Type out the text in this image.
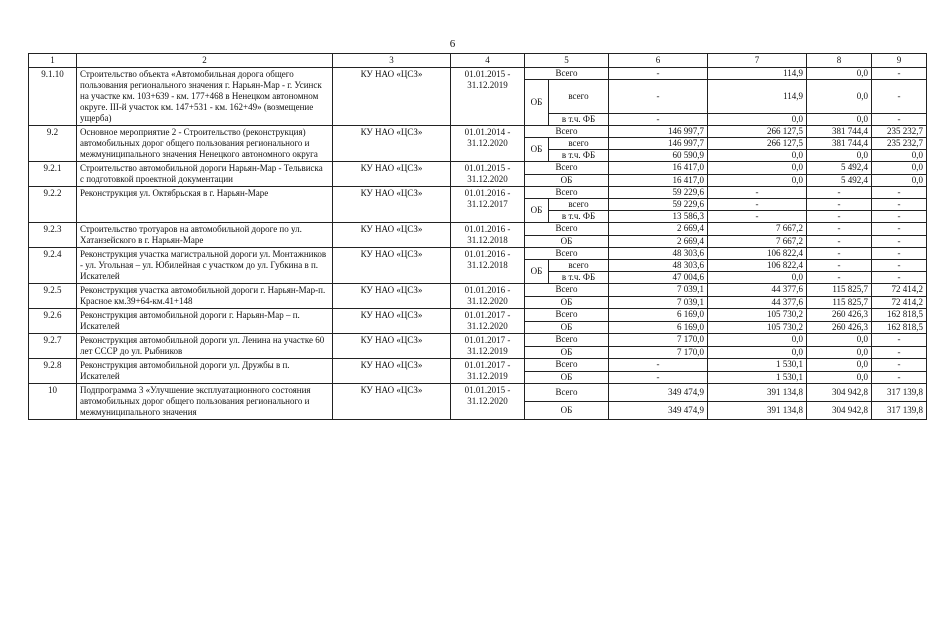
6
1	2	3	4	5		6	7	8	9
9.1.10	Строительство объекта «Автомобильная дорога общего пользования регионального значения г. Нарьян-Мар - г. Усинск на участке км. 103+639 - км. 177+468 в Ненецком автономном округе. III-й участок км. 147+531 - км. 162+49» (возмещение ущерба)	КУ НАО «ЦСЗ»	01.01.2015 - 31.12.2019	Всего		-	114,9	0,0	-
				ОБ	всего	-	114,9	0,0	-
					в т.ч. ФБ	-	0,0	0,0	-
9.2	Основное мероприятие 2 - Строительство (реконструкция) автомобильных дорог общего пользования регионального и межмуниципального значения Ненецкого автономного округа	КУ НАО «ЦСЗ»	01.01.2014 - 31.12.2020	Всего		146 997,7	266 127,5	381 744,4	235 232,7
				ОБ	всего	146 997,7	266 127,5	381 744,4	235 232,7
					в т.ч. ФБ	60 590,9	0,0	0,0	0,0
9.2.1	Строительство автомобильной дороги Нарьян-Мар - Тельвиска с подготовкой проектной документации	КУ НАО «ЦСЗ»	01.01.2015 - 31.12.2020	Всего		16 417,0	0,0	5 492,4	0,0
				ОБ		16 417,0	0,0	5 492,4	0,0
9.2.2	Реконструкция ул. Октябрьская в г. Нарьян-Маре	КУ НАО «ЦСЗ»	01.01.2016 - 31.12.2017	Всего		59 229,6	-	-	-
				ОБ	всего	59 229,6	-	-	-
					в т.ч. ФБ	13 586,3	-	-	-
9.2.3	Строительство тротуаров на автомобильной дороге по ул. Хатанзейского в г. Нарьян-Маре	КУ НАО «ЦСЗ»	01.01.2016 - 31.12.2018	Всего		2 669,4	7 667,2	-	-
				ОБ		2 669,4	7 667,2	-	-
9.2.4	Реконструкция участка магистральной дороги ул. Монтажников - ул. Угольная – ул. Юбилейная с участком до ул. Губкина в п. Искателей	КУ НАО «ЦСЗ»	01.01.2016 - 31.12.2018	Всего		48 303,6	106 822,4	-	-
				ОБ	всего	48 303,6	106 822,4	-	-
					в т.ч. ФБ	47 004,6	0,0	-	-
9.2.5	Реконструкция участка автомобильной дороги г. Нарьян-Мар-п. Красное км.39+64-км.41+148	КУ НАО «ЦСЗ»	01.01.2016 - 31.12.2020	Всего		7 039,1	44 377,6	115 825,7	72 414,2
				ОБ		7 039,1	44 377,6	115 825,7	72 414,2
9.2.6	Реконструкция автомобильной дороги г. Нарьян-Мар – п. Искателей	КУ НАО «ЦСЗ»	01.01.2017 - 31.12.2020	Всего		6 169,0	105 730,2	260 426,3	162 818,5
				ОБ		6 169,0	105 730,2	260 426,3	162 818,5
9.2.7	Реконструкция автомобильной дороги ул. Ленина на участке 60 лет СССР до ул. Рыбников	КУ НАО «ЦСЗ»	01.01.2017 - 31.12.2019	Всего		7 170,0	0,0	0,0	-
				ОБ		7 170,0	0,0	0,0	-
9.2.8	Реконструкция автомобильной дороги ул. Дружбы в п. Искателей	КУ НАО «ЦСЗ»	01.01.2017 - 31.12.2019	Всего		-	1 530,1	0,0	-
				ОБ		-	1 530,1	0,0	-
10	Подпрограмма 3 «Улучшение эксплуатационного состояния автомобильных дорог общего пользования регионального и межмуниципального значения	КУ НАО «ЦСЗ»	01.01.2015 - 31.12.2020	Всего		349 474,9	391 134,8	304 942,8	317 139,8
				ОБ		349 474,9	391 134,8	304 942,8	317 139,8
